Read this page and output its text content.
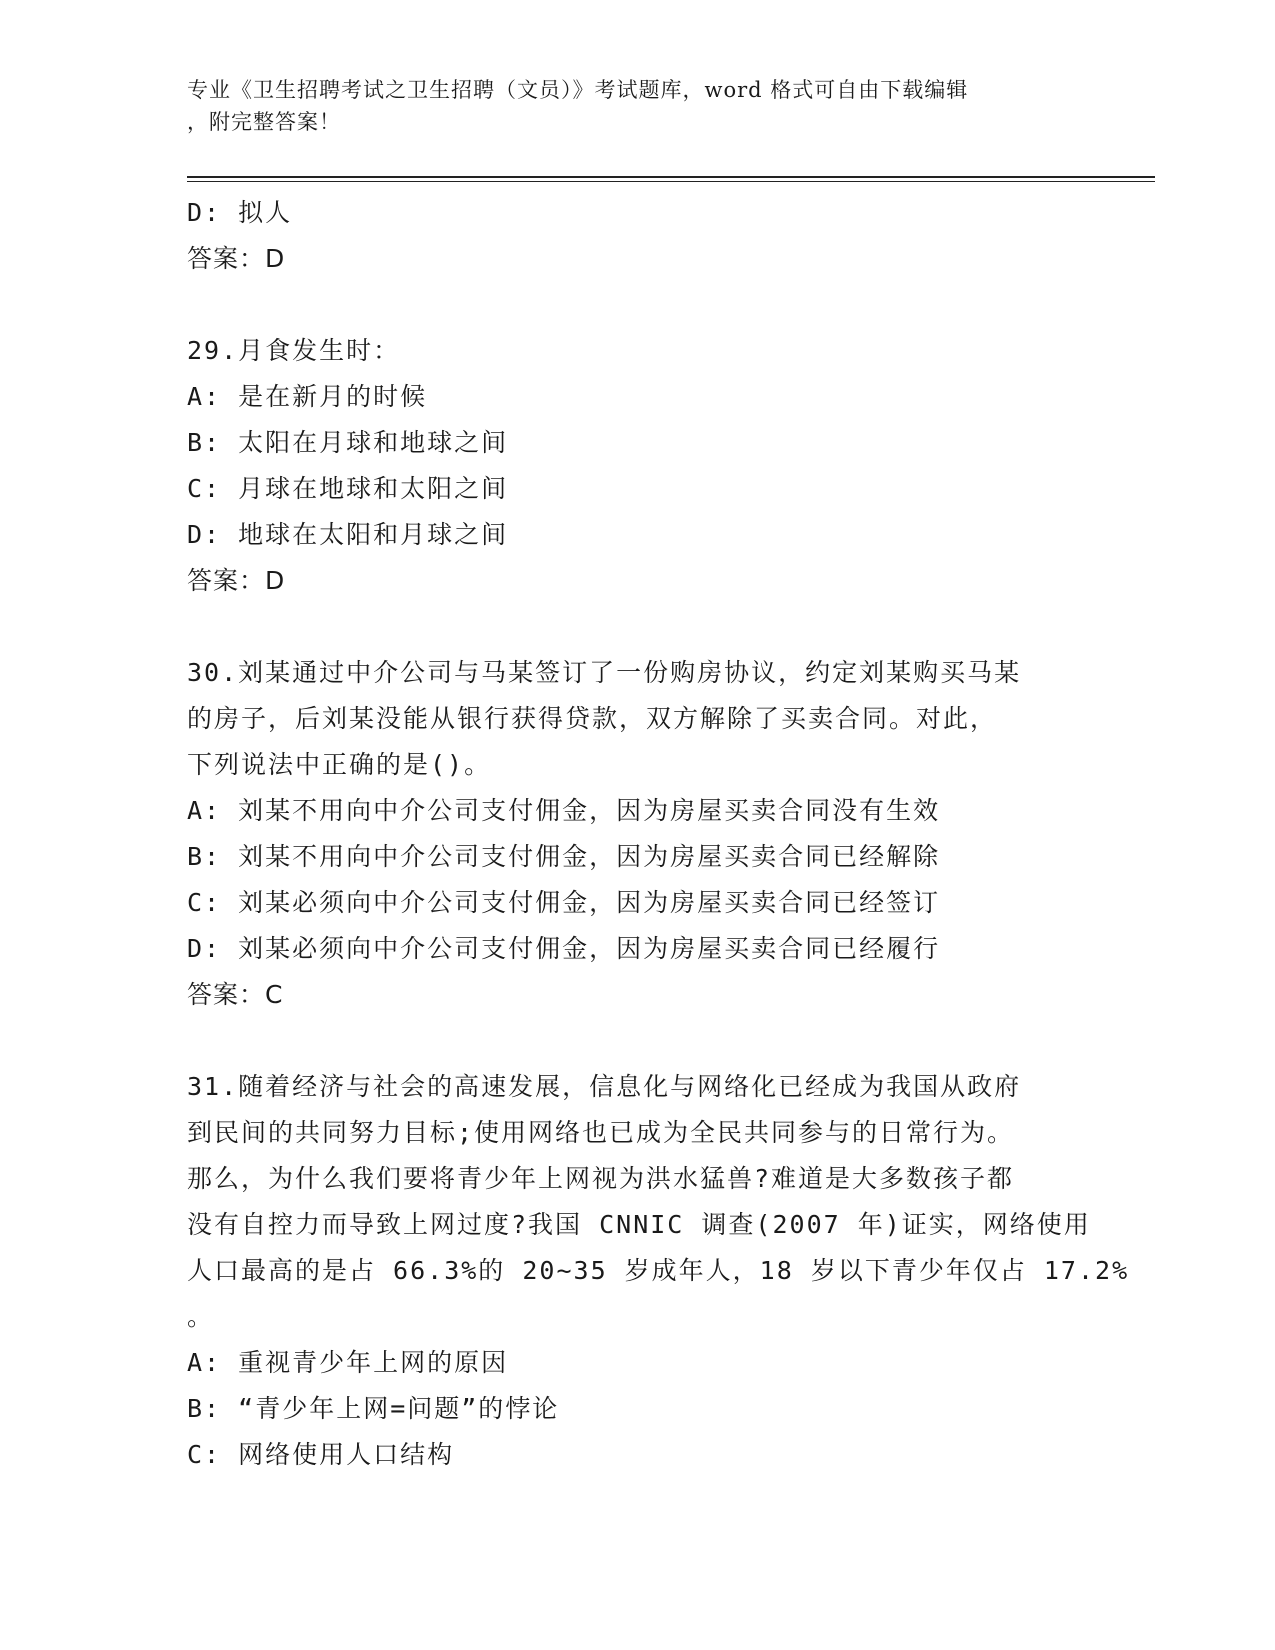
专业《卫生招聘考试之卫生招聘（文员）》考试题库，word 格式可自由下载编辑
，附完整答案！
D: 拟人
答案：D
29.月食发生时：
A: 是在新月的时候
B: 太阳在月球和地球之间
C: 月球在地球和太阳之间
D: 地球在太阳和月球之间
答案：D
30.刘某通过中介公司与马某签订了一份购房协议，约定刘某购买马某
的房子，后刘某没能从银行获得贷款，双方解除了买卖合同。对此，
下列说法中正确的是()。
A: 刘某不用向中介公司支付佣金，因为房屋买卖合同没有生效
B: 刘某不用向中介公司支付佣金，因为房屋买卖合同已经解除
C: 刘某必须向中介公司支付佣金，因为房屋买卖合同已经签订
D: 刘某必须向中介公司支付佣金，因为房屋买卖合同已经履行
答案：C
31.随着经济与社会的高速发展，信息化与网络化已经成为我国从政府
到民间的共同努力目标;使用网络也已成为全民共同参与的日常行为。
那么，为什么我们要将青少年上网视为洪水猛兽?难道是大多数孩子都
没有自控力而导致上网过度?我国 CNNIC 调查(2007 年)证实，网络使用
人口最高的是占 66.3%的 20~35 岁成年人，18 岁以下青少年仅占 17.2%
。
A: 重视青少年上网的原因
B: “青少年上网=问题”的悖论
C: 网络使用人口结构
